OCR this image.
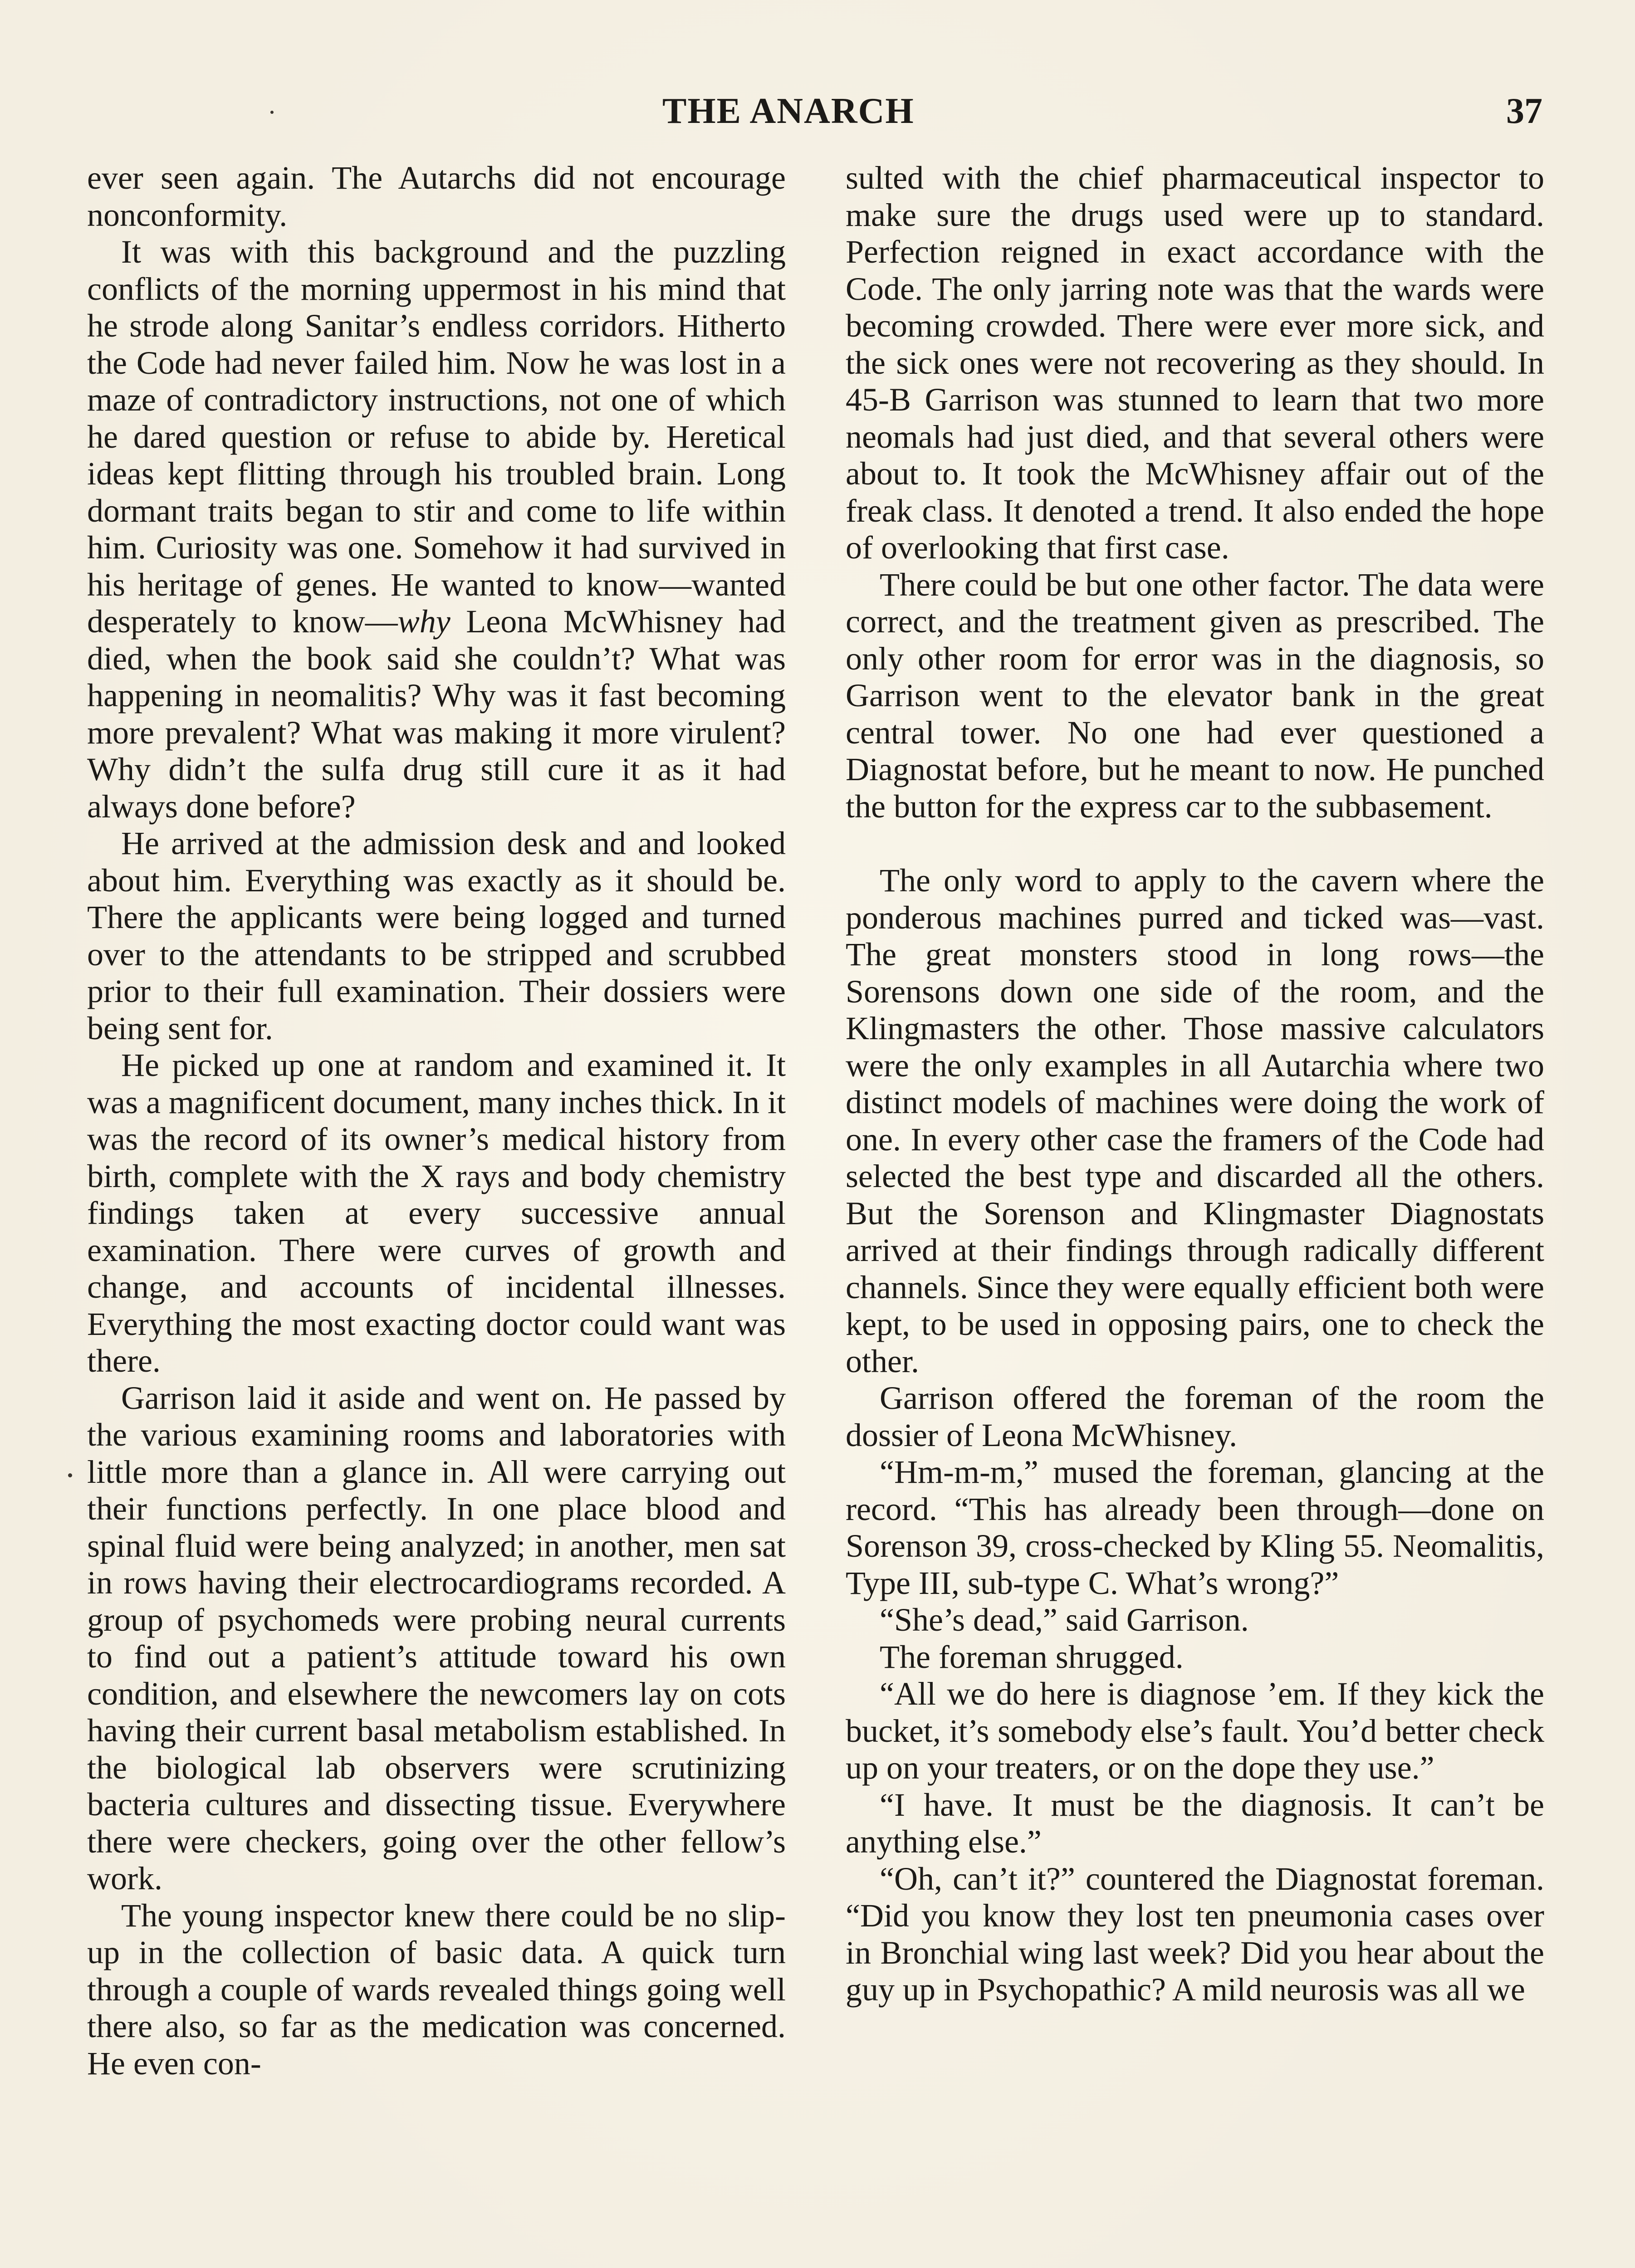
THE ANARCH	37

ever seen again. The Autarchs did not encourage nonconformity.

It was with this background and the puzzling conflicts of the morning uppermost in his mind that he strode along Sanitar’s endless corridors. Hitherto the Code had never failed him. Now he was lost in a maze of contradictory instructions, not one of which he dared question or refuse to abide by. Heretical ideas kept flitting through his troubled brain. Long dormant traits began to stir and come to life within him. Curiosity was one. Somehow it had survived in his heritage of genes. He wanted to know—wanted desperately to know—why Leona McWhisney had died, when the book said she couldn’t? What was happening in neomalitis? Why was it fast becoming more prevalent? What was making it more virulent? Why didn’t the sulfa drug still cure it as it had always done before?

He arrived at the admission desk and and looked about him. Everything was exactly as it should be. There the applicants were being logged and turned over to the attendants to be stripped and scrubbed prior to their full examination. Their dossiers were being sent for.

He picked up one at random and examined it. It was a magnificent document, many inches thick. In it was the record of its owner’s medical history from birth, complete with the X rays and body chemistry findings taken at every successive annual examination. There were curves of growth and change, and accounts of incidental illnesses. Everything the most exacting doctor could want was there.

Garrison laid it aside and went on. He passed by the various examining rooms and laboratories with little more than a glance in. All were carrying out their functions perfectly. In one place blood and spinal fluid were being analyzed; in another, men sat in rows having their electrocardiograms recorded. A group of psychomeds were probing neural currents to find out a patient’s attitude toward his own condition, and elsewhere the newcomers lay on cots having their current basal metabolism established. In the biological lab observers were scrutinizing bacteria cultures and dissecting tissue. Everywhere there were checkers, going over the other fellow’s work.

The young inspector knew there could be no slip-up in the collection of basic data. A quick turn through a couple of wards revealed things going well there also, so far as the medication was concerned. He even con-

sulted with the chief pharmaceutical inspector to make sure the drugs used were up to standard. Perfection reigned in exact accordance with the Code. The only jarring note was that the wards were becoming crowded. There were ever more sick, and the sick ones were not recovering as they should. In 45-B Garrison was stunned to learn that two more neomals had just died, and that several others were about to. It took the McWhisney affair out of the freak class. It denoted a trend. It also ended the hope of overlooking that first case.

There could be but one other factor. The data were correct, and the treatment given as prescribed. The only other room for error was in the diagnosis, so Garrison went to the elevator bank in the great central tower. No one had ever questioned a Diagnostat before, but he meant to now. He punched the button for the express car to the subbasement.

The only word to apply to the cavern where the ponderous machines purred and ticked was—vast. The great monsters stood in long rows—the Sorensons down one side of the room, and the Klingmasters the other. Those massive calculators were the only examples in all Autarchia where two distinct models of machines were doing the work of one. In every other case the framers of the Code had selected the best type and discarded all the others. But the Sorenson and Klingmaster Diagnostats arrived at their findings through radically different channels. Since they were equally efficient both were kept, to be used in opposing pairs, one to check the other.

Garrison offered the foreman of the room the dossier of Leona McWhisney.

“Hm-m-m,” mused the foreman, glancing at the record. “This has already been through—done on Sorenson 39, cross-checked by Kling 55. Neomalitis, Type III, sub-type C. What’s wrong?”

“She’s dead,” said Garrison.

The foreman shrugged.

“All we do here is diagnose ’em. If they kick the bucket, it’s somebody else’s fault. You’d better check up on your treaters, or on the dope they use.”

“I have. It must be the diagnosis. It can’t be anything else.”

“Oh, can’t it?” countered the Diagnostat foreman. “Did you know they lost ten pneumonia cases over in Bronchial wing last week? Did you hear about the guy up in Psychopathic? A mild neurosis was all we
